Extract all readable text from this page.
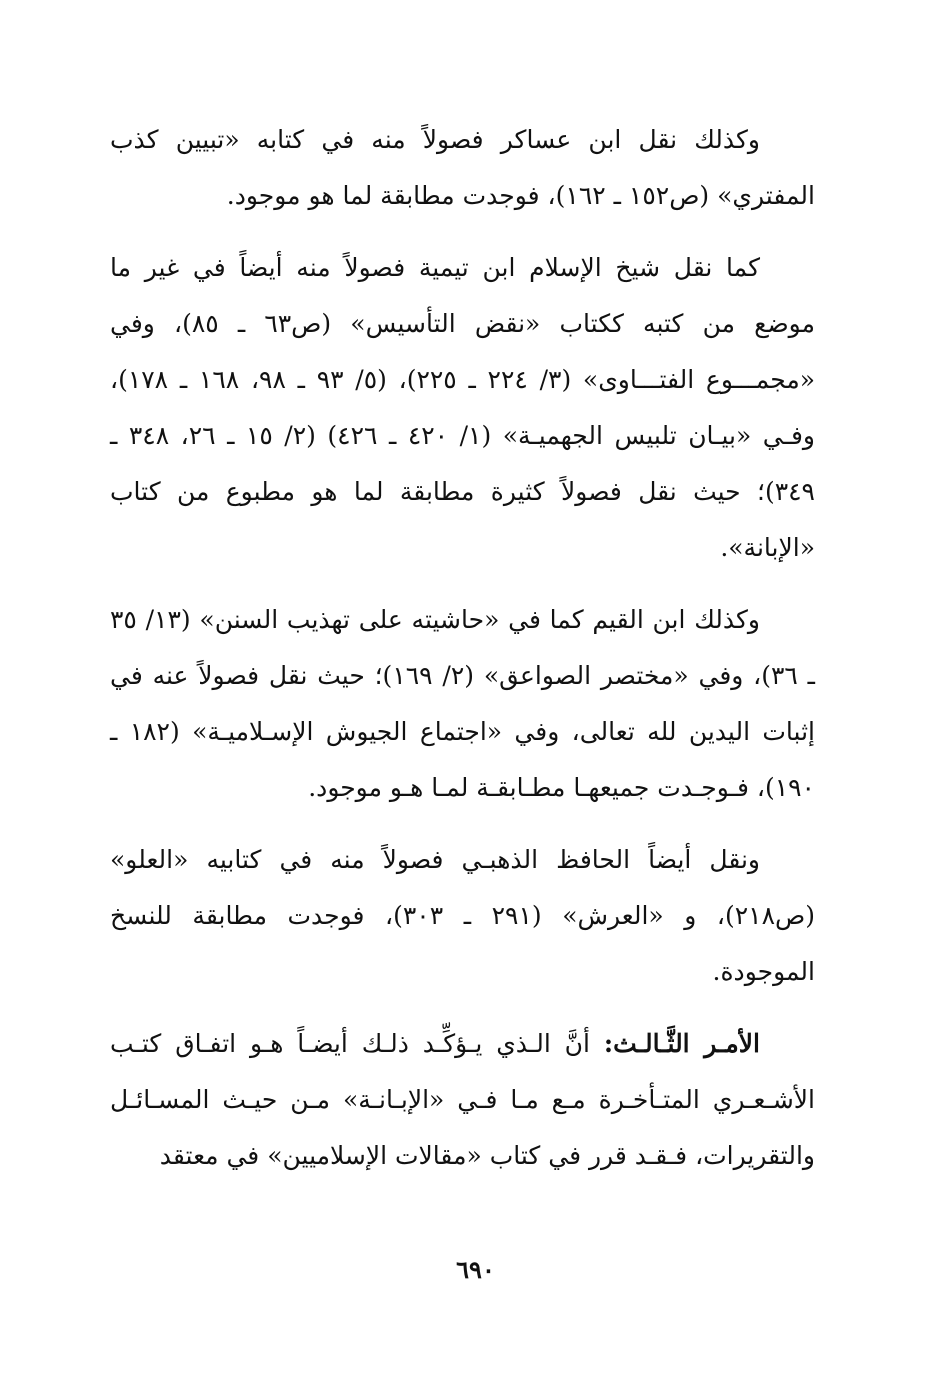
وكذلك نقل ابن عساكر فصولاً منه في كتابه «تبيين كذب المفتري» (ص١٥٢ ـ ١٦٢)، فوجدت مطابقة لما هو موجود.

كما نقل شيخ الإسلام ابن تيمية فصولاً منه أيضاً في غير ما موضع من كتبه ككتاب «نقض التأسيس» (ص٦٣ ـ ٨٥)، وفي «مجمـــوع الفتـــاوى» (٣/ ٢٢٤ ـ ٢٢٥)، (٥/ ٩٣ ـ ٩٨، ١٦٨ ـ ١٧٨)، وفـي «بيـان تلبيس الجهميـة» (١/ ٤٢٠ ـ ٤٢٦) (٢/ ١٥ ـ ٢٦، ٣٤٨ ـ ٣٤٩)؛ حيث نقل فصولاً كثيرة مطابقة لما هو مطبوع من كتاب «الإبانة».

وكذلك ابن القيم كما في «حاشيته على تهذيب السنن» (١٣/ ٣٥ ـ ٣٦)، وفي «مختصر الصواعق» (٢/ ١٦٩)؛ حيث نقل فصولاً عنه في إثبات اليدين لله تعالى، وفي «اجتماع الجيوش الإسـلاميـة» (١٨٢ ـ ١٩٠)، فـوجـدت جميعهـا مطـابقـة لمـا هـو موجود.

ونقل أيضاً الحافظ الذهبـي فصولاً منه في كتابيه «العلو» (ص٢١٨)، و «العرش» (٢٩١ ـ ٣٠٣)، فوجدت مطابقة للنسخ الموجودة.

الأمـر الثَّـالـث: أنَّ الـذي يـؤكِّـد ذلـك أيضـاً هـو اتفـاق كتـب الأشـعـري المتـأخـرة مـع مـا فـي «الإبـانـة» مـن حيـث المسـائـل والتقريرات، فـقـد قرر في كتاب «مقالات الإسلاميين» في معتقد

٦٩٠
